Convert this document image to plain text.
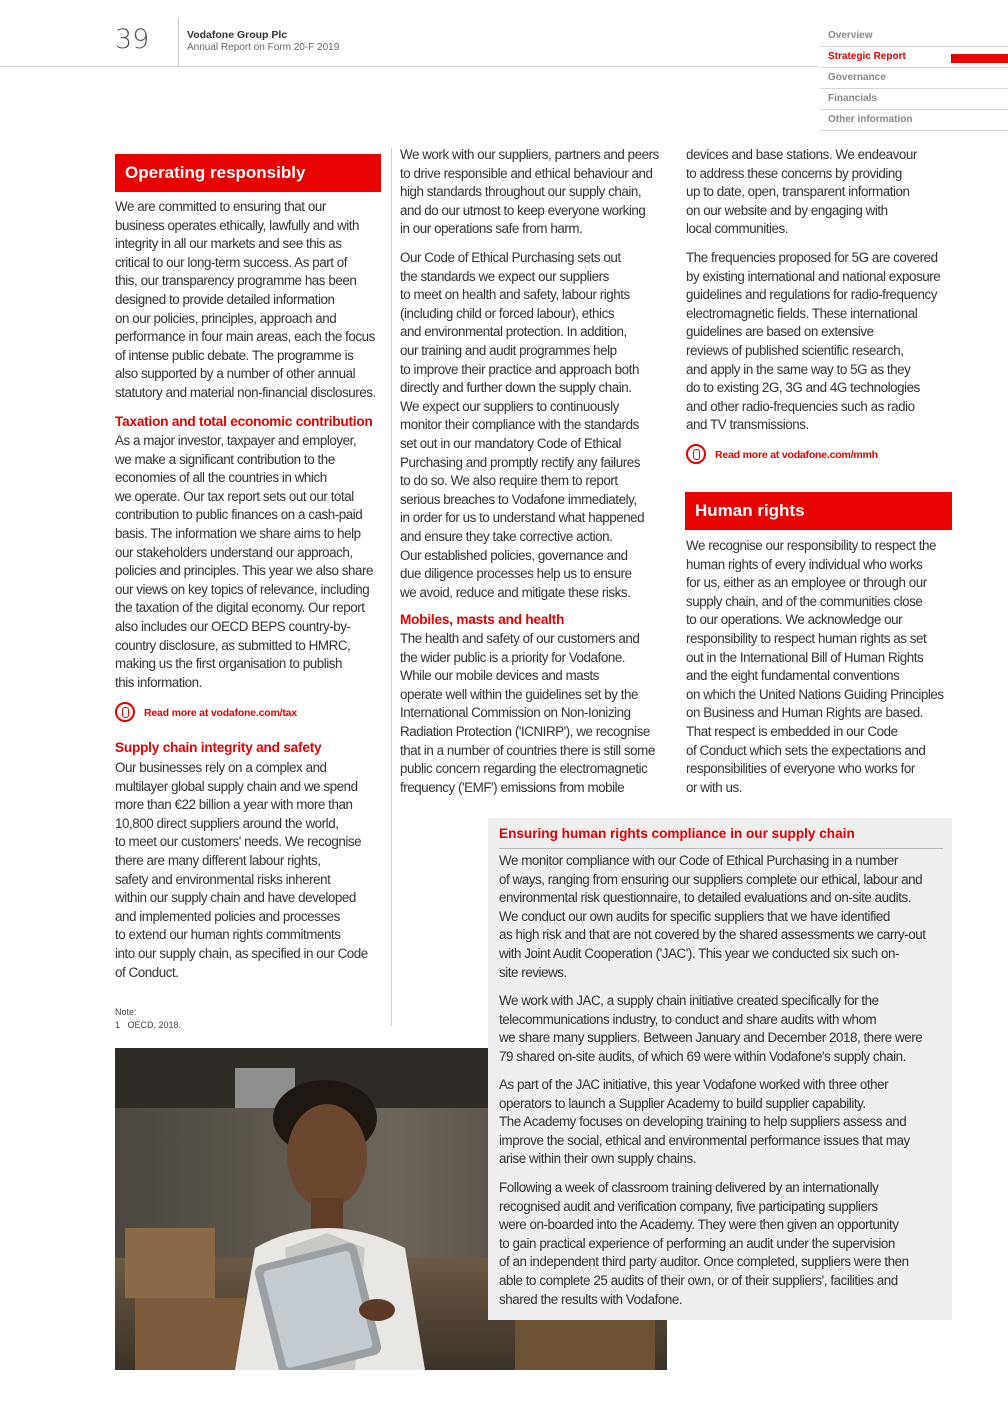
39	Vodafone Group Plc
Annual Report on Form 20-F 2019
Overview
Strategic Report
Governance
Financials
Other information
Operating responsibly
We are committed to ensuring that our
business operates ethically, lawfully and with
integrity in all our markets and see this as
critical to our long-term success. As part of
this, our transparency programme has been
designed to provide detailed information
on our policies, principles, approach and
performance in four main areas, each the focus
of intense public debate. The programme is
also supported by a number of other annual
statutory and material non-financial disclosures.
Taxation and total economic contribution
As a major investor, taxpayer and employer,
we make a significant contribution to the
economies of all the countries in which
we operate. Our tax report sets out our total
contribution to public finances on a cash-paid
basis. The information we share aims to help
our stakeholders understand our approach,
policies and principles. This year we also share
our views on key topics of relevance, including
the taxation of the digital economy. Our report
also includes our OECD BEPS country-by-
country disclosure, as submitted to HMRC,
making us the first organisation to publish
this information.
Read more at vodafone.com/tax
Supply chain integrity and safety
Our businesses rely on a complex and
multilayer global supply chain and we spend
more than €22 billion a year with more than
10,800 direct suppliers around the world,
to meet our customers' needs. We recognise
there are many different labour rights,
safety and environmental risks inherent
within our supply chain and have developed
and implemented policies and processes
to extend our human rights commitments
into our supply chain, as specified in our Code
of Conduct.
Note:
1   OECD, 2018.
We work with our suppliers, partners and peers
to drive responsible and ethical behaviour and
high standards throughout our supply chain,
and do our utmost to keep everyone working
in our operations safe from harm.
Our Code of Ethical Purchasing sets out
the standards we expect our suppliers
to meet on health and safety, labour rights
(including child or forced labour), ethics
and environmental protection. In addition,
our training and audit programmes help
to improve their practice and approach both
directly and further down the supply chain.
We expect our suppliers to continuously
monitor their compliance with the standards
set out in our mandatory Code of Ethical
Purchasing and promptly rectify any failures
to do so. We also require them to report
serious breaches to Vodafone immediately,
in order for us to understand what happened
and ensure they take corrective action.
Our established policies, governance and
due diligence processes help us to ensure
we avoid, reduce and mitigate these risks.
Mobiles, masts and health
The health and safety of our customers and
the wider public is a priority for Vodafone.
While our mobile devices and masts
operate well within the guidelines set by the
International Commission on Non-Ionizing
Radiation Protection ('ICNIRP'), we recognise
that in a number of countries there is still some
public concern regarding the electromagnetic
frequency ('EMF') emissions from mobile
devices and base stations. We endeavour
to address these concerns by providing
up to date, open, transparent information
on our website and by engaging with
local communities.
The frequencies proposed for 5G are covered
by existing international and national exposure
guidelines and regulations for radio-frequency
electromagnetic fields. These international
guidelines are based on extensive
reviews of published scientific research,
and apply in the same way to 5G as they
do to existing 2G, 3G and 4G technologies
and other radio-frequencies such as radio
and TV transmissions.
Read more at vodafone.com/mmh
Human rights
We recognise our responsibility to respect the
human rights of every individual who works
for us, either as an employee or through our
supply chain, and of the communities close
to our operations. We acknowledge our
responsibility to respect human rights as set
out in the International Bill of Human Rights
and the eight fundamental conventions
on which the United Nations Guiding Principles
on Business and Human Rights are based.
That respect is embedded in our Code
of Conduct which sets the expectations and
responsibilities of everyone who works for
or with us.
Ensuring human rights compliance in our supply chain
We monitor compliance with our Code of Ethical Purchasing in a number
of ways, ranging from ensuring our suppliers complete our ethical, labour and
environmental risk questionnaire, to detailed evaluations and on-site audits.
We conduct our own audits for specific suppliers that we have identified
as high risk and that are not covered by the shared assessments we carry-out
with Joint Audit Cooperation ('JAC'). This year we conducted six such on-
site reviews.
We work with JAC, a supply chain initiative created specifically for the
telecommunications industry, to conduct and share audits with whom
we share many suppliers. Between January and December 2018, there were
79 shared on-site audits, of which 69 were within Vodafone's supply chain.
As part of the JAC initiative, this year Vodafone worked with three other
operators to launch a Supplier Academy to build supplier capability.
The Academy focuses on developing training to help suppliers assess and
improve the social, ethical and environmental performance issues that may
arise within their own supply chains.
Following a week of classroom training delivered by an internationally
recognised audit and verification company, five participating suppliers
were on-boarded into the Academy. They were then given an opportunity
to gain practical experience of performing an audit under the supervision
of an independent third party auditor. Once completed, suppliers were then
able to complete 25 audits of their own, or of their suppliers', facilities and
shared the results with Vodafone.
